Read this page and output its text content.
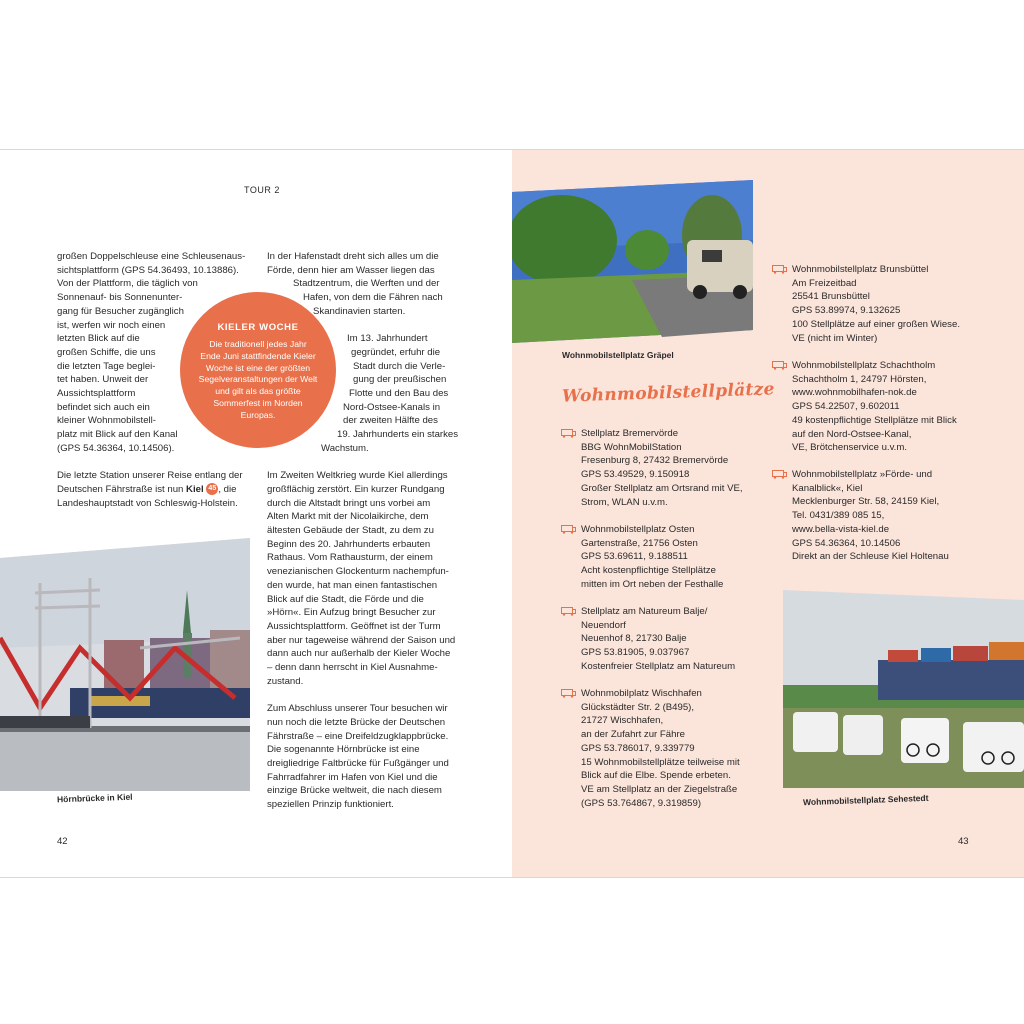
TOUR 2

großen Doppelschleuse eine Schleusenaus-
sichtsplattform (GPS 54.36493, 10.13886).
Von der Plattform, die täglich von
Sonnenauf- bis Sonnenunter-
gang für Besucher zugänglich
ist, werfen wir noch einen
letzten Blick auf die
großen Schiffe, die uns
die letzten Tage beglei-
tet haben. Unweit der
Aussichtsplattform
befindet sich auch ein
kleiner Wohnmobilstell-
platz mit Blick auf den Kanal
(GPS 54.36364, 10.14506).

Die letzte Station unserer Reise entlang der
Deutschen Fährstraße ist nun Kiel 45 , die
Landeshauptstadt von Schleswig-Holstein.

In der Hafenstadt dreht sich alles um die
Förde, denn hier am Wasser liegen das
Stadtzentrum, die Werften und der
Hafen, von dem die Fähren nach
Skandinavien starten.

Im 13. Jahrhundert
gegründet, erfuhr die
Stadt durch die Verle-
gung der preußischen
Flotte und den Bau des
Nord-Ostsee-Kanals in
der zweiten Hälfte des
19. Jahrhunderts ein starkes
Wachstum.

Im Zweiten Weltkrieg wurde Kiel allerdings
großflächig zerstört. Ein kurzer Rundgang
durch die Altstadt bringt uns vorbei am
Alten Markt mit der Nicolaikirche, dem
ältesten Gebäude der Stadt, zu dem zu
Beginn des 20. Jahrhunderts erbauten
Rathaus. Vom Rathausturm, der einem
venezianischen Glockenturm nachempfun-
den wurde, hat man einen fantastischen
Blick auf die Stadt, die Förde und die
»Hörn«. Ein Aufzug bringt Besucher zur
Aussichtsplattform. Geöffnet ist der Turm
aber nur tageweise während der Saison und
dann auch nur außerhalb der Kieler Woche
– denn dann herrscht in Kiel Ausnahme-
zustand.

Zum Abschluss unserer Tour besuchen wir
nun noch die letzte Brücke der Deutschen
Fährstraße – eine Dreifeldzugklappbrücke.
Die sogenannte Hörnbrücke ist eine
dreigliedrige Faltbrücke für Fußgänger und
Fahrradfahrer im Hafen von Kiel und die
einzige Brücke weltweit, die nach diesem
speziellen Prinzip funktioniert.

KIELER WOCHE
Die traditionell jedes Jahr
Ende Juni stattfindende Kieler
Woche ist eine der größten
Segelveranstaltungen der Welt
und gilt als das größte
Sommerfest im Norden
Europas.
Hörnbrücke in Kiel
42
Wohnmobilstellplatz Gräpel
Wohnmobilstellplätze
Stellplatz Bremervörde
BBG WohnMobilStation
Fresenburg 8, 27432 Bremervörde
GPS 53.49529, 9.150918
Großer Stellplatz am Ortsrand mit VE,
Strom, WLAN u.v.m.
Wohnmobilstellplatz Osten
Gartenstraße, 21756 Osten
GPS 53.69611, 9.188511
Acht kostenpflichtige Stellplätze
mitten im Ort neben der Festhalle
Stellplatz am Natureum Balje/
Neuendorf
Neuenhof 8, 21730 Balje
GPS 53.81905, 9.037967
Kostenfreier Stellplatz am Natureum
Wohnmobilplatz Wischhafen
Glückstädter Str. 2 (B495),
21727 Wischhafen,
an der Zufahrt zur Fähre
GPS 53.786017, 9.339779
15 Wohnmobilstellplätze teilweise mit
Blick auf die Elbe. Spende erbeten.
VE am Stellplatz an der Ziegelstraße
(GPS 53.764867, 9.319859)
Wohnmobilstellplatz Brunsbüttel
Am Freizeitbad
25541 Brunsbüttel
GPS 53.89974, 9.132625
100 Stellplätze auf einer großen Wiese.
VE (nicht im Winter)
Wohnmobilstellplatz Schachtholm
Schachtholm 1, 24797 Hörsten,
www.wohnmobilhafen-nok.de
GPS 54.22507, 9.602011
49 kostenpflichtige Stellplätze mit Blick
auf den Nord-Ostsee-Kanal,
VE, Brötchenservice u.v.m.
Wohnmobilstellplatz »Förde- und
Kanalblick«, Kiel
Mecklenburger Str. 58, 24159 Kiel,
Tel. 0431/389 085 15,
www.bella-vista-kiel.de
GPS 54.36364, 10.14506
Direkt an der Schleuse Kiel Holtenau
Wohnmobilstellplatz Sehestedt
43
